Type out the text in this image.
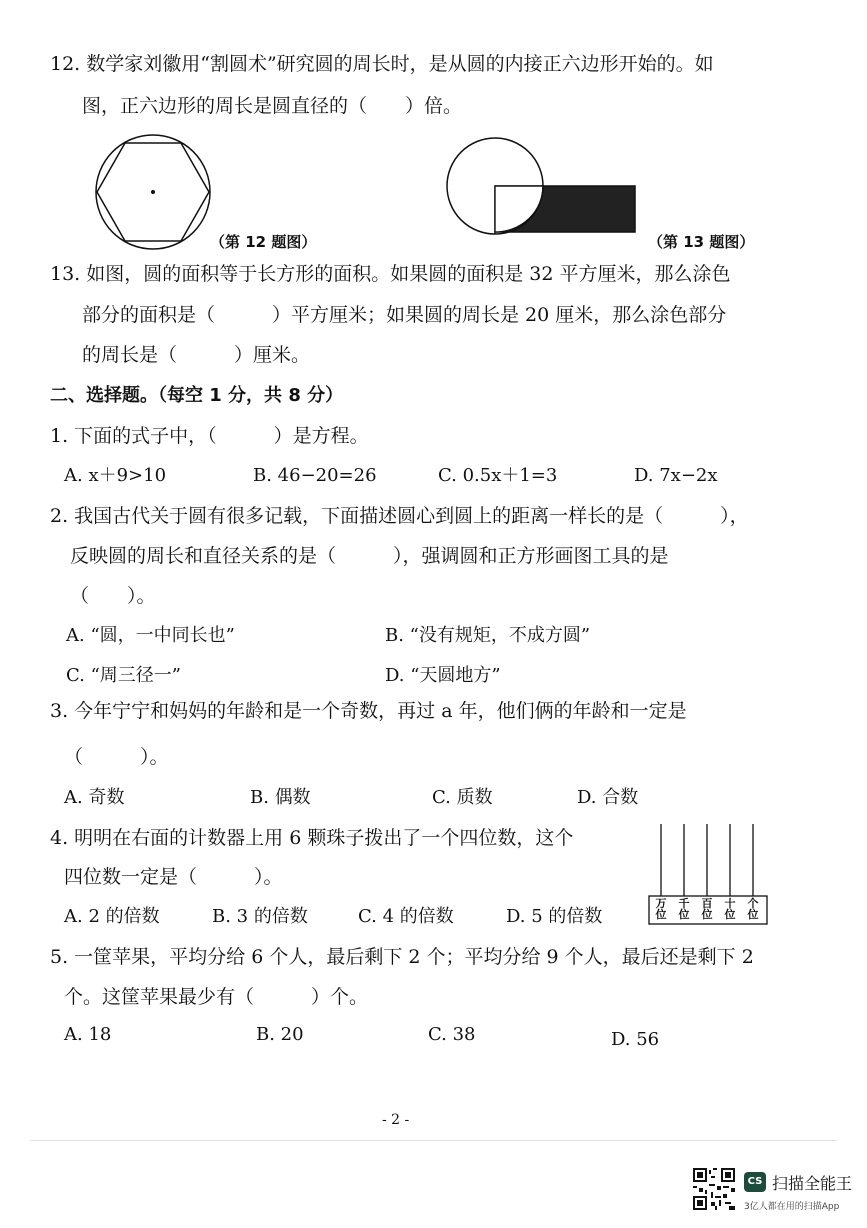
12. 数学家刘徽用“割圆术”研究圆的周长时，是从圆的内接正六边形开始的。如
图，正六边形的周长是圆直径的（　　）倍。
（第 12 题图）	（第 13 题图）
13. 如图，圆的面积等于长方形的面积。如果圆的面积是 32 平方厘米，那么涂色
部分的面积是（　　　）平方厘米；如果圆的周长是 20 厘米，那么涂色部分
的周长是（　　　）厘米。
二、选择题。（每空 1 分，共 8 分）
1. 下面的式子中，（　　　）是方程。
A. x＋9>10	B. 46−20=26	C. 0.5x＋1=3	D. 7x−2x
2. 我国古代关于圆有很多记载，下面描述圆心到圆上的距离一样长的是（　　　），
反映圆的周长和直径关系的是（　　　），强调圆和正方形画图工具的是
（　　）。
A. “圆，一中同长也”	B. “没有规矩，不成方圆”
C. “周三径一”	D. “天圆地方”
3. 今年宁宁和妈妈的年龄和是一个奇数，再过 a 年，他们俩的年龄和一定是
（　　　）。
A. 奇数	B. 偶数	C. 质数	D. 合数
4. 明明在右面的计数器上用 6 颗珠子拨出了一个四位数，这个
四位数一定是（　　　）。
A. 2 的倍数	B. 3 的倍数	C. 4 的倍数	D. 5 的倍数
万位
千位
百位
十位
个位
5. 一筐苹果，平均分给 6 个人，最后剩下 2 个；平均分给 9 个人，最后还是剩下 2
个。这筐苹果最少有（　　　）个。
A. 18	B. 20	C. 38	D. 56
- 2 -
CS 扫描全能王
3亿人都在用的扫描App
